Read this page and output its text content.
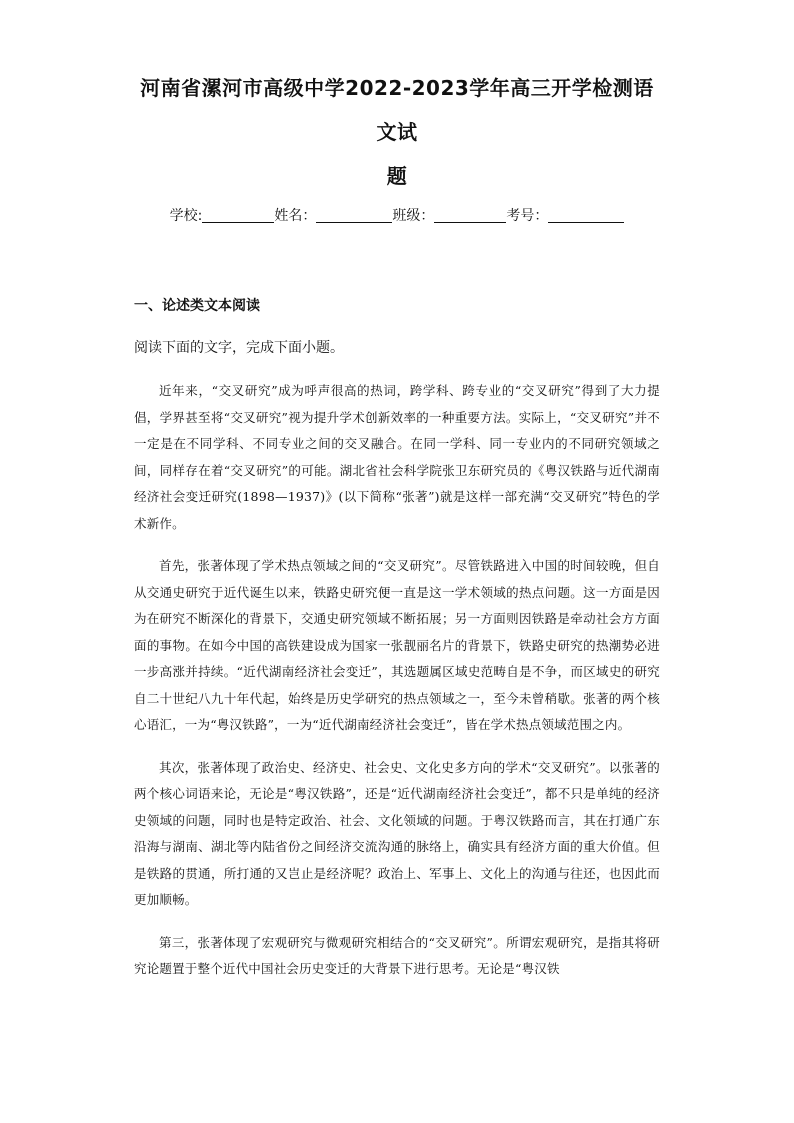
河南省漯河市高级中学2022-2023学年高三开学检测语文试
题
学校:	姓名：	班级：	考号：
一、论述类文本阅读
阅读下面的文字，完成下面小题。

近年来，“交叉研究”成为呼声很高的热词，跨学科、跨专业的“交叉研究”得到了大力提倡，学界甚至将“交叉研究”视为提升学术创新效率的一种重要方法。实际上，“交叉研究”并不一定是在不同学科、不同专业之间的交叉融合。在同一学科、同一专业内的不同研究领域之间，同样存在着“交叉研究”的可能。湖北省社会科学院张卫东研究员的《粤汉铁路与近代湖南经济社会变迁研究(1898—1937)》(以下简称“张著”)就是这样一部充满“交叉研究”特色的学术新作。

首先，张著体现了学术热点领域之间的“交叉研究”。尽管铁路进入中国的时间较晚，但自从交通史研究于近代诞生以来，铁路史研究便一直是这一学术领域的热点问题。这一方面是因为在研究不断深化的背景下，交通史研究领域不断拓展；另一方面则因铁路是牵动社会方方面面的事物。在如今中国的高铁建设成为国家一张靓丽名片的背景下，铁路史研究的热潮势必进一步高涨并持续。“近代湖南经济社会变迁”，其选题属区域史范畴自是不争，而区域史的研究自二十世纪八九十年代起，始终是历史学研究的热点领域之一，至今未曾稍歇。张著的两个核心语汇，一为“粤汉铁路”，一为“近代湖南经济社会变迁”，皆在学术热点领域范围之内。

其次，张著体现了政治史、经济史、社会史、文化史多方向的学术“交叉研究”。以张著的两个核心词语来论，无论是“粤汉铁路”，还是“近代湖南经济社会变迁”，都不只是单纯的经济史领域的问题，同时也是特定政治、社会、文化领域的问题。于粤汉铁路而言，其在打通广东沿海与湖南、湖北等内陆省份之间经济交流沟通的脉络上，确实具有经济方面的重大价值。但是铁路的贯通，所打通的又岂止是经济呢？政治上、军事上、文化上的沟通与往还，也因此而更加顺畅。

第三，张著体现了宏观研究与微观研究相结合的“交叉研究”。所谓宏观研究，是指其将研究论题置于整个近代中国社会历史变迁的大背景下进行思考。无论是“粤汉铁
